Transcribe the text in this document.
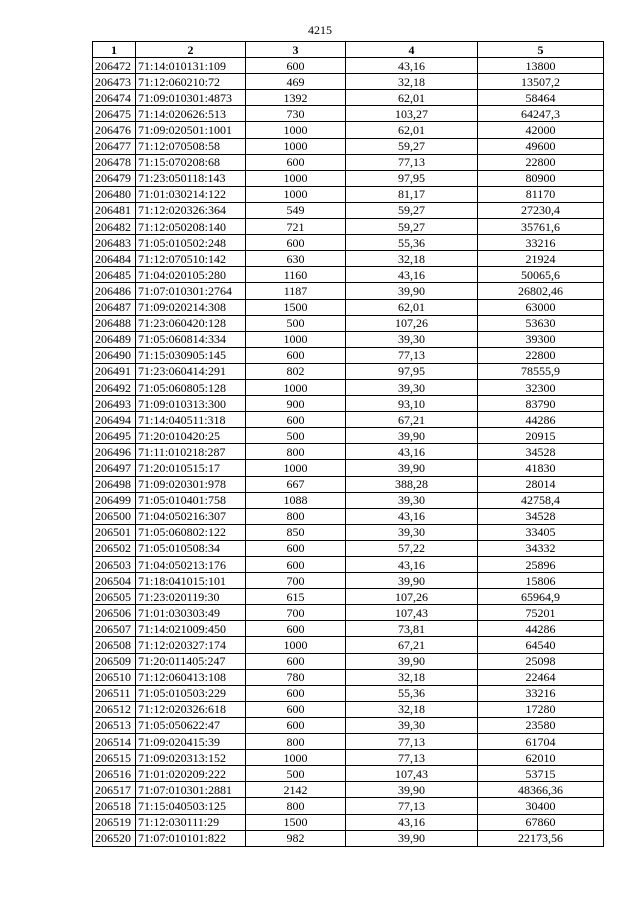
4215
1	2	3	4	5
206472	71:14:010131:109	600	43,16	13800
206473	71:12:060210:72	469	32,18	13507,2
206474	71:09:010301:4873	1392	62,01	58464
206475	71:14:020626:513	730	103,27	64247,3
206476	71:09:020501:1001	1000	62,01	42000
206477	71:12:070508:58	1000	59,27	49600
206478	71:15:070208:68	600	77,13	22800
206479	71:23:050118:143	1000	97,95	80900
206480	71:01:030214:122	1000	81,17	81170
206481	71:12:020326:364	549	59,27	27230,4
206482	71:12:050208:140	721	59,27	35761,6
206483	71:05:010502:248	600	55,36	33216
206484	71:12:070510:142	630	32,18	21924
206485	71:04:020105:280	1160	43,16	50065,6
206486	71:07:010301:2764	1187	39,90	26802,46
206487	71:09:020214:308	1500	62,01	63000
206488	71:23:060420:128	500	107,26	53630
206489	71:05:060814:334	1000	39,30	39300
206490	71:15:030905:145	600	77,13	22800
206491	71:23:060414:291	802	97,95	78555,9
206492	71:05:060805:128	1000	39,30	32300
206493	71:09:010313:300	900	93,10	83790
206494	71:14:040511:318	600	67,21	44286
206495	71:20:010420:25	500	39,90	20915
206496	71:11:010218:287	800	43,16	34528
206497	71:20:010515:17	1000	39,90	41830
206498	71:09:020301:978	667	388,28	28014
206499	71:05:010401:758	1088	39,30	42758,4
206500	71:04:050216:307	800	43,16	34528
206501	71:05:060802:122	850	39,30	33405
206502	71:05:010508:34	600	57,22	34332
206503	71:04:050213:176	600	43,16	25896
206504	71:18:041015:101	700	39,90	15806
206505	71:23:020119:30	615	107,26	65964,9
206506	71:01:030303:49	700	107,43	75201
206507	71:14:021009:450	600	73,81	44286
206508	71:12:020327:174	1000	67,21	64540
206509	71:20:011405:247	600	39,90	25098
206510	71:12:060413:108	780	32,18	22464
206511	71:05:010503:229	600	55,36	33216
206512	71:12:020326:618	600	32,18	17280
206513	71:05:050622:47	600	39,30	23580
206514	71:09:020415:39	800	77,13	61704
206515	71:09:020313:152	1000	77,13	62010
206516	71:01:020209:222	500	107,43	53715
206517	71:07:010301:2881	2142	39,90	48366,36
206518	71:15:040503:125	800	77,13	30400
206519	71:12:030111:29	1500	43,16	67860
206520	71:07:010101:822	982	39,90	22173,56
